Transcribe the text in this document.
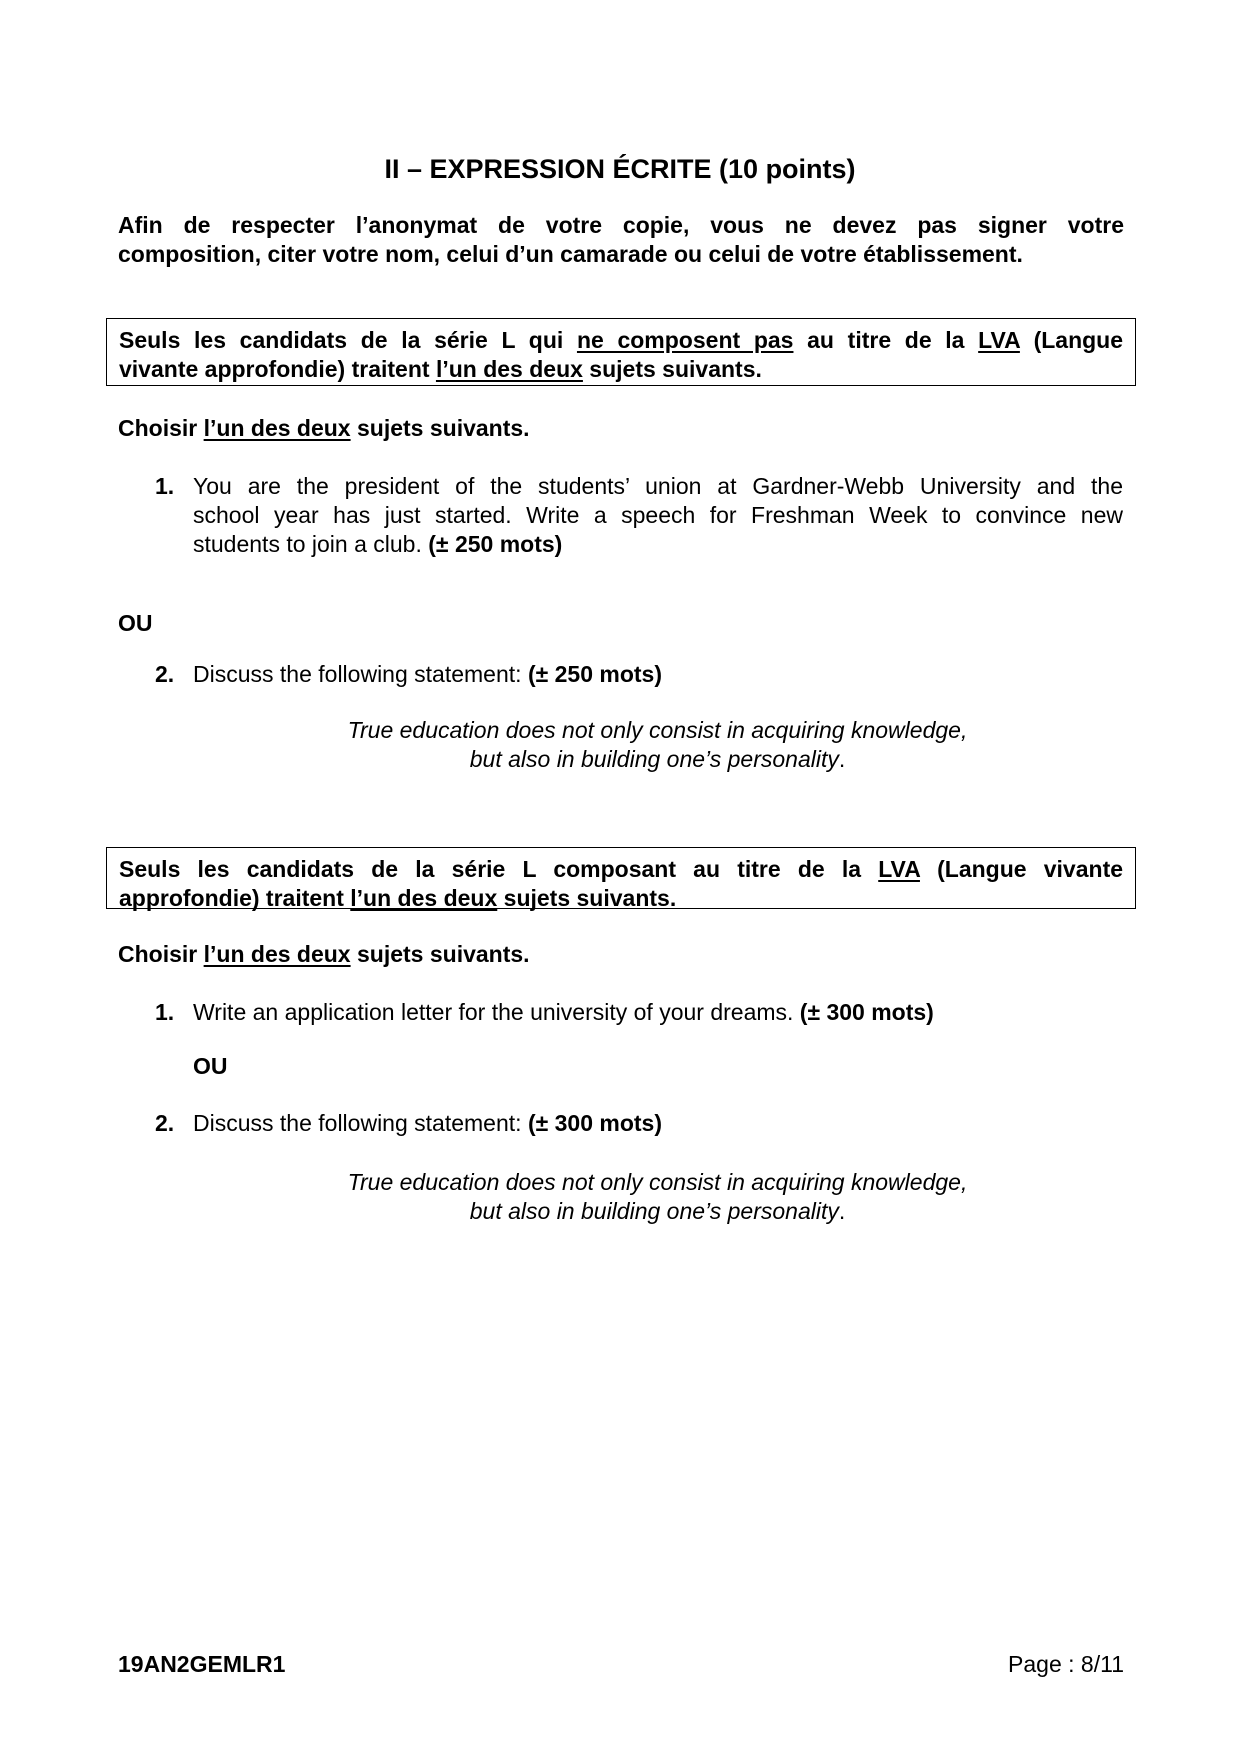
II – EXPRESSION ÉCRITE (10 points)
Afin de respecter l’anonymat de votre copie, vous ne devez pas signer votre
composition, citer votre nom, celui d’un camarade ou celui de votre établissement.
Seuls les candidats de la série L qui ne composent pas au titre de la LVA (Langue
vivante approfondie) traitent l’un des deux sujets suivants.
Choisir l’un des deux sujets suivants.
1. You are the president of the students’ union at Gardner-Webb University and the
school year has just started. Write a speech for Freshman Week to convince new
students to join a club. (± 250 mots)
OU
2. Discuss the following statement: (± 250 mots)
True education does not only consist in acquiring knowledge,
but also in building one’s personality.
Seuls les candidats de la série L composant au titre de la LVA (Langue vivante
approfondie) traitent l’un des deux sujets suivants.
Choisir l’un des deux sujets suivants.
1. Write an application letter for the university of your dreams. (± 300 mots)
OU
2. Discuss the following statement: (± 300 mots)
True education does not only consist in acquiring knowledge,
but also in building one’s personality.
19AN2GEMLR1	Page : 8/11
